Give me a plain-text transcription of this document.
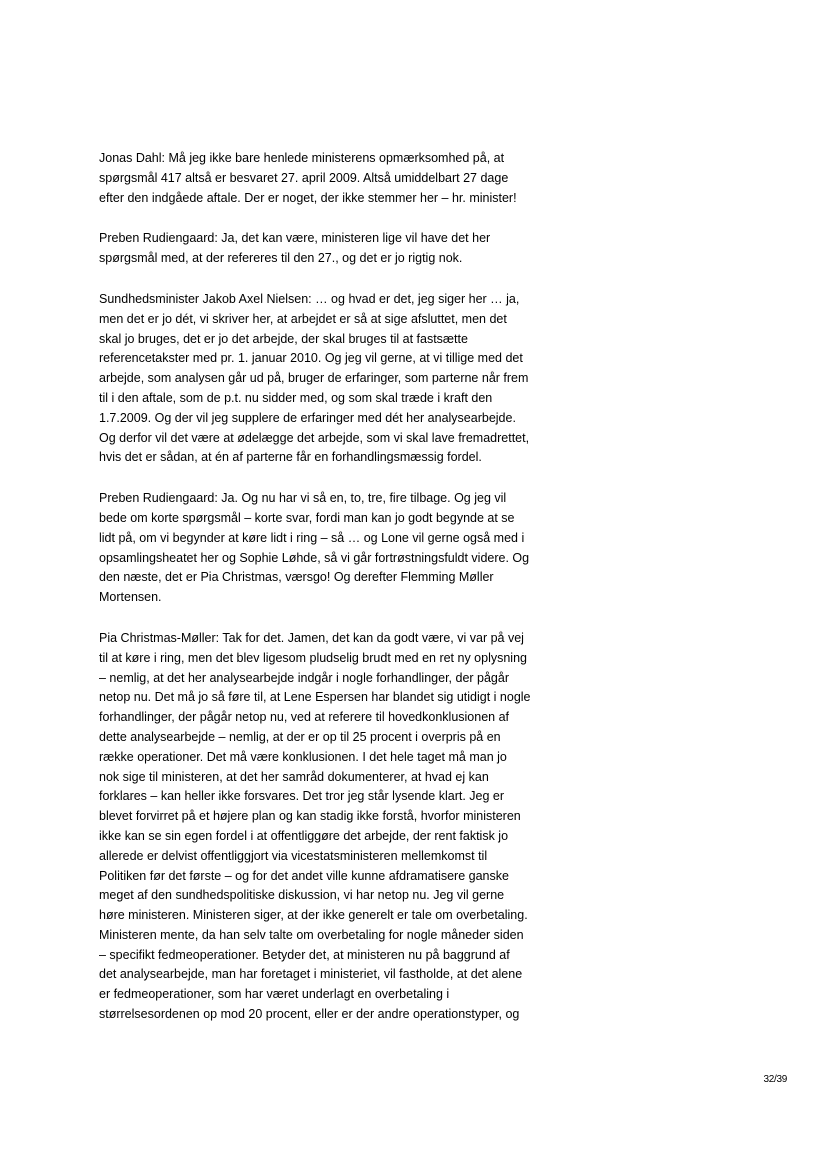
Jonas Dahl: Må jeg ikke bare henlede ministerens opmærksomhed på, at
spørgsmål 417 altså er besvaret 27. april 2009. Altså umiddelbart 27 dage
efter den indgåede aftale. Der er noget, der ikke stemmer her – hr. minister!

Preben Rudiengaard: Ja, det kan være, ministeren lige vil have det her
spørgsmål med, at der refereres til den 27., og det er jo rigtig nok.

Sundhedsminister Jakob Axel Nielsen: … og hvad er det, jeg siger her … ja,
men det er jo dét, vi skriver her, at arbejdet er så at sige afsluttet, men det
skal jo bruges, det er jo det arbejde, der skal bruges til at fastsætte
referencetakster med pr. 1. januar 2010. Og jeg vil gerne, at vi tillige med det
arbejde, som analysen går ud på, bruger de erfaringer, som parterne når frem
til i den aftale, som de p.t. nu sidder med, og som skal træde i kraft den
1.7.2009. Og der vil jeg supplere de erfaringer med dét her analysearbejde.
Og derfor vil det være at ødelægge det arbejde, som vi skal lave fremadrettet,
hvis det er sådan, at én af parterne får en forhandlingsmæssig fordel.

Preben Rudiengaard: Ja. Og nu har vi så en, to, tre, fire tilbage. Og jeg vil
bede om korte spørgsmål – korte svar, fordi man kan jo godt begynde at se
lidt på, om vi begynder at køre lidt i ring – så … og Lone vil gerne også med i
opsamlingsheatet her og Sophie Løhde, så vi går fortrøstningsfuldt videre. Og
den næste, det er Pia Christmas, værsgo! Og derefter Flemming Møller
Mortensen.

Pia Christmas-Møller: Tak for det. Jamen, det kan da godt være, vi var på vej
til at køre i ring, men det blev ligesom pludselig brudt med en ret ny oplysning
– nemlig, at det her analysearbejde indgår i nogle forhandlinger, der pågår
netop nu. Det må jo så føre til, at Lene Espersen har blandet sig utidigt i nogle
forhandlinger, der pågår netop nu, ved at referere til hovedkonklusionen af
dette analysearbejde – nemlig, at der er op til 25 procent i overpris på en
række operationer. Det må være konklusionen. I det hele taget må man jo
nok sige til ministeren, at det her samråd dokumenterer, at hvad ej kan
forklares – kan heller ikke forsvares. Det tror jeg står lysende klart. Jeg er
blevet forvirret på et højere plan og kan stadig ikke forstå, hvorfor ministeren
ikke kan se sin egen fordel i at offentliggøre det arbejde, der rent faktisk jo
allerede er delvist offentliggjort via vicestatsministeren mellemkomst til
Politiken før det første – og for det andet ville kunne afdramatisere ganske
meget af den sundhedspolitiske diskussion, vi har netop nu. Jeg vil gerne
høre ministeren. Ministeren siger, at der ikke generelt er tale om overbetaling.
Ministeren mente, da han selv talte om overbetaling for nogle måneder siden
– specifikt fedmeoperationer. Betyder det, at ministeren nu på baggrund af
det analysearbejde, man har foretaget i ministeriet, vil fastholde, at det alene
er fedmeoperationer, som har været underlagt en overbetaling i
størrelsesordenen op mod 20 procent, eller er der andre operationstyper, og

32/39
